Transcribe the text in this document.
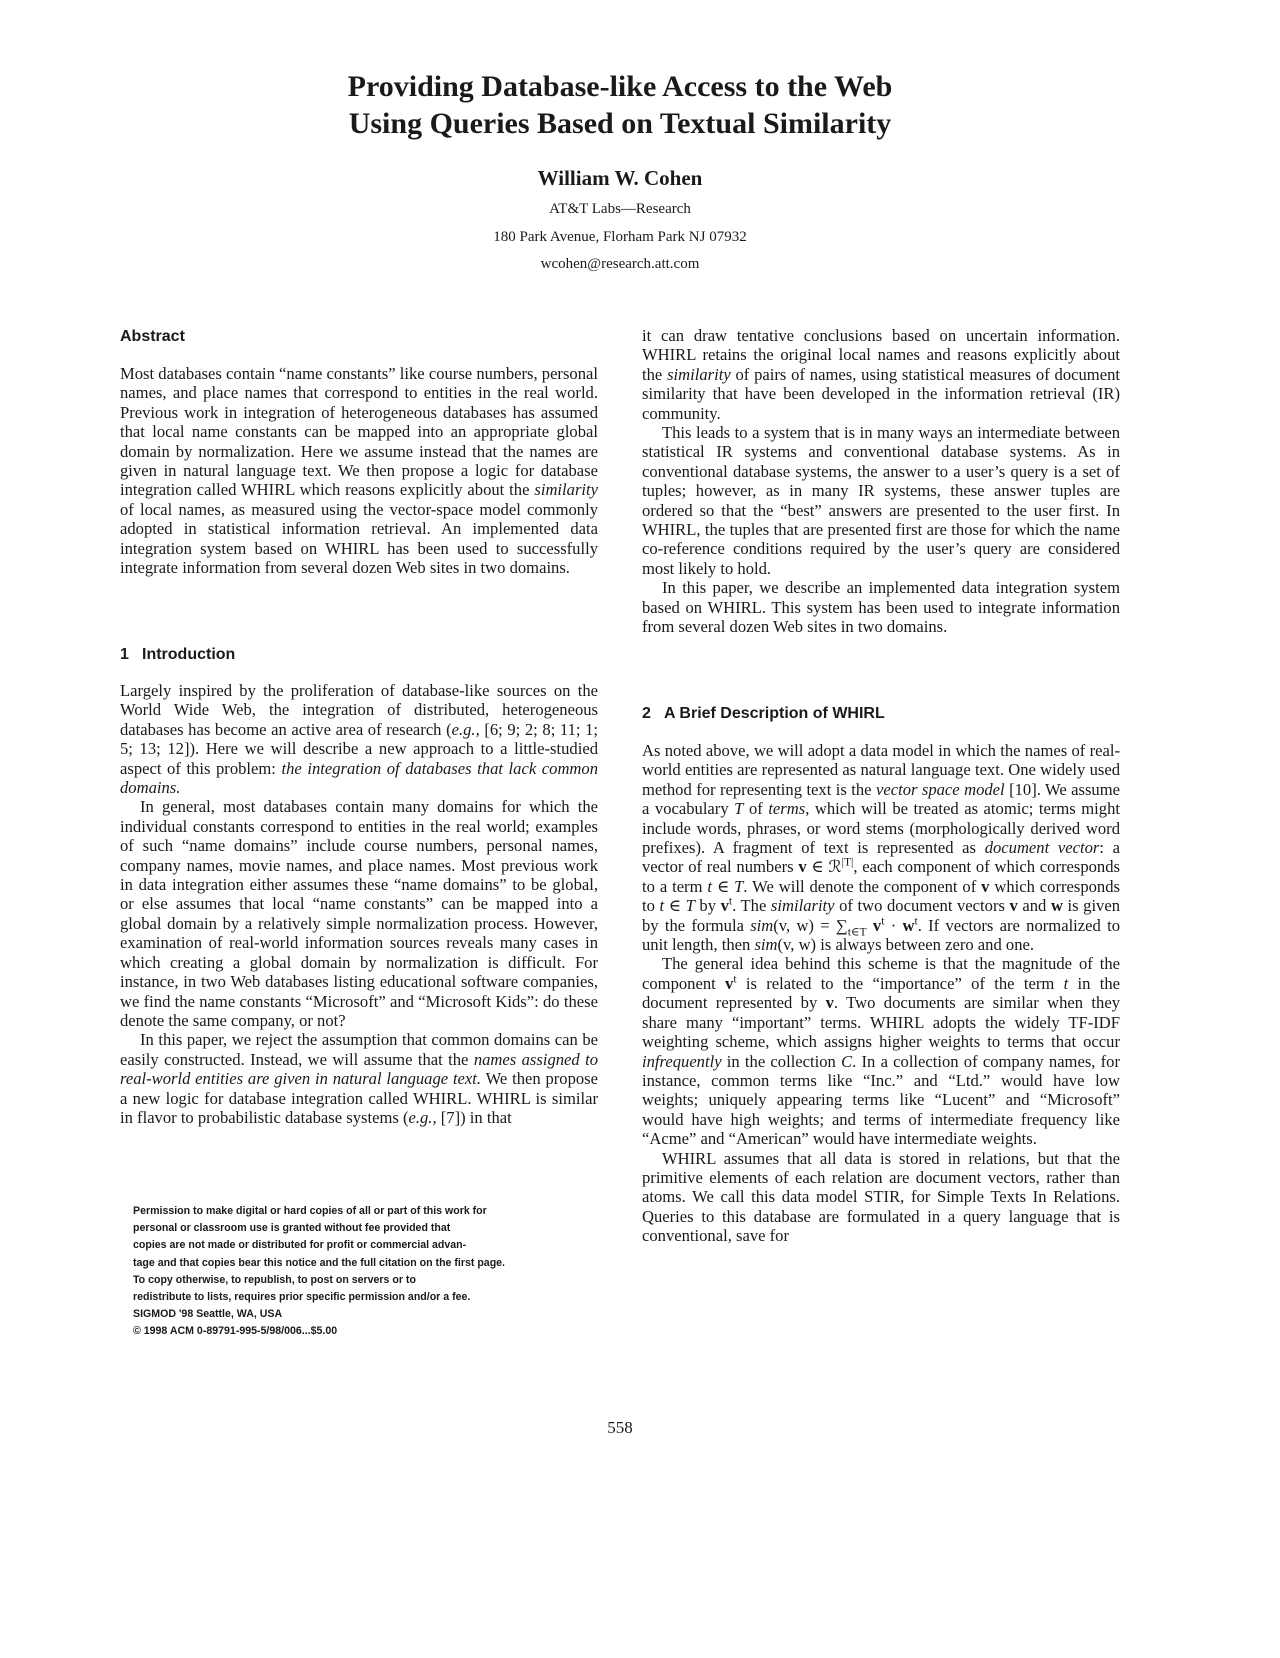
Providing Database-like Access to the Web
Using Queries Based on Textual Similarity
William W. Cohen
AT&T Labs—Research
180 Park Avenue, Florham Park NJ 07932
wcohen@research.att.com
Abstract

Most databases contain “name constants” like course numbers, personal names, and place names that correspond to entities in the real world. Previous work in integration of heterogeneous databases has assumed that local name constants can be mapped into an appropriate global domain by normalization. Here we assume instead that the names are given in natural language text. We then propose a logic for database integration called WHIRL which reasons explicitly about the similarity of local names, as measured using the vector-space model commonly adopted in statistical information retrieval. An implemented data integration system based on WHIRL has been used to successfully integrate information from several dozen Web sites in two domains.

1 Introduction

Largely inspired by the proliferation of database-like sources on the World Wide Web, the integration of distributed, heterogeneous databases has become an active area of research (e.g., [6; 9; 2; 8; 11; 1; 5; 13; 12]). Here we will describe a new approach to a little-studied aspect of this problem: the integration of databases that lack common domains.

In general, most databases contain many domains for which the individual constants correspond to entities in the real world; examples of such “name domains” include course numbers, personal names, company names, movie names, and place names. Most previous work in data integration either assumes these “name domains” to be global, or else assumes that local “name constants” can be mapped into a global domain by a relatively simple normalization process. However, examination of real-world information sources reveals many cases in which creating a global domain by normalization is difficult. For instance, in two Web databases listing educational software companies, we find the name constants “Microsoft” and “Microsoft Kids”: do these denote the same company, or not?

In this paper, we reject the assumption that common domains can be easily constructed. Instead, we will assume that the names assigned to real-world entities are given in natural language text. We then propose a new logic for database integration called WHIRL. WHIRL is similar in flavor to probabilistic database systems (e.g., [7]) in that

Permission to make digital or hard copies of all or part of this work for
personal or classroom use is granted without fee provided that
copies are not made or distributed for profit or commercial advan-
tage and that copies bear this notice and the full citation on the first page.
To copy otherwise, to republish, to post on servers or to
redistribute to lists, requires prior specific permission and/or a fee.
SIGMOD '98 Seattle, WA, USA
© 1998 ACM 0-89791-995-5/98/006...$5.00

it can draw tentative conclusions based on uncertain information. WHIRL retains the original local names and reasons explicitly about the similarity of pairs of names, using statistical measures of document similarity that have been developed in the information retrieval (IR) community.

This leads to a system that is in many ways an intermediate between statistical IR systems and conventional database systems. As in conventional database systems, the answer to a user’s query is a set of tuples; however, as in many IR systems, these answer tuples are ordered so that the “best” answers are presented to the user first. In WHIRL, the tuples that are presented first are those for which the name co-reference conditions required by the user’s query are considered most likely to hold.

In this paper, we describe an implemented data integration system based on WHIRL. This system has been used to integrate information from several dozen Web sites in two domains.

2 A Brief Description of WHIRL

As noted above, we will adopt a data model in which the names of real-world entities are represented as natural language text. One widely used method for representing text is the vector space model [10]. We assume a vocabulary T of terms, which will be treated as atomic; terms might include words, phrases, or word stems (morphologically derived word prefixes). A fragment of text is represented as document vector: a vector of real numbers v ∈ ℛ$^{|T|}$, each component of which corresponds to a term t ∈ T. We will denote the component of v which corresponds to t ∈ T by $v^t$. The similarity of two document vectors v and w is given by the formula sim(v, $w) = \sum_{t\in T}$ $v^t \cdot w^t$. If vectors are normalized to unit length, then sim(v, w) is always between zero and one.

The general idea behind this scheme is that the magnitude of the component $v^t$ is related to the “importance” of the term t in the document represented by v. Two documents are similar when they share many “important” terms. WHIRL adopts the widely TF-IDF weighting scheme, which assigns higher weights to terms that occur infrequently in the collection C. In a collection of company names, for instance, common terms like “Inc.” and “Ltd.” would have low weights; uniquely appearing terms like “Lucent” and “Microsoft” would have high weights; and terms of intermediate frequency like “Acme” and “American” would have intermediate weights.

WHIRL assumes that all data is stored in relations, but that the primitive elements of each relation are document vectors, rather than atoms. We call this data model STIR, for Simple Texts In Relations. Queries to this database are formulated in a query language that is conventional, save for

558
